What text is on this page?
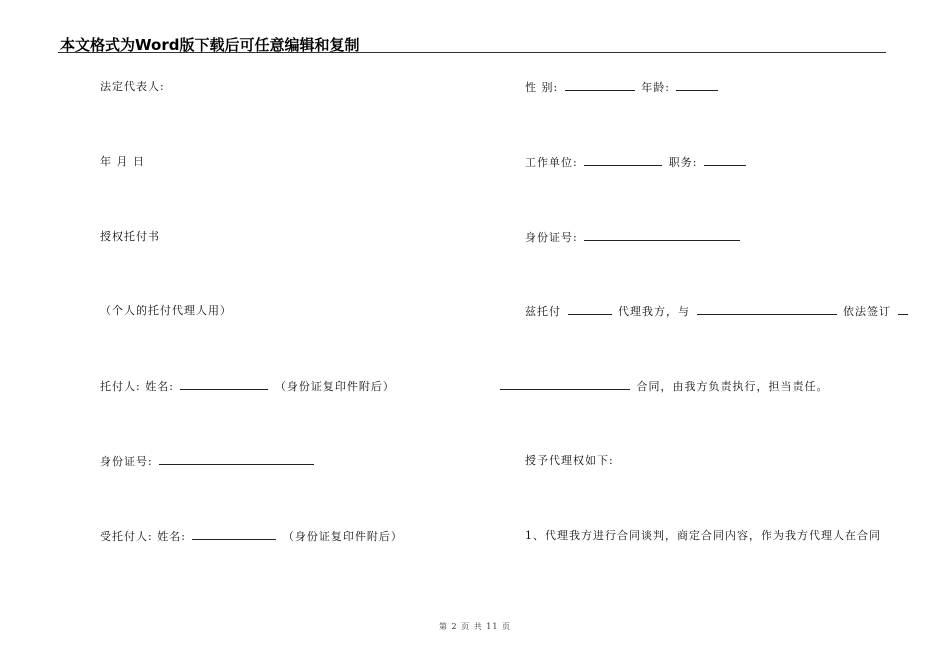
本文格式为Word版下载后可任意编辑和复制
法定代表人:
年 月 日
授权托付书
（个人的托付代理人用）
托付人: 姓名:	（身份证复印件附后）
身份证号:
受托付人: 姓名:	（身份证复印件附后）
性 别:	年龄:
工作单位:	职务:
身份证号:
兹托付	代理我方，与	依法签订
合同，由我方负责执行，担当责任。
授予代理权如下:
1、代理我方进行合同谈判，商定合同内容，作为我方代理人在合同
第 2 页 共 11 页
